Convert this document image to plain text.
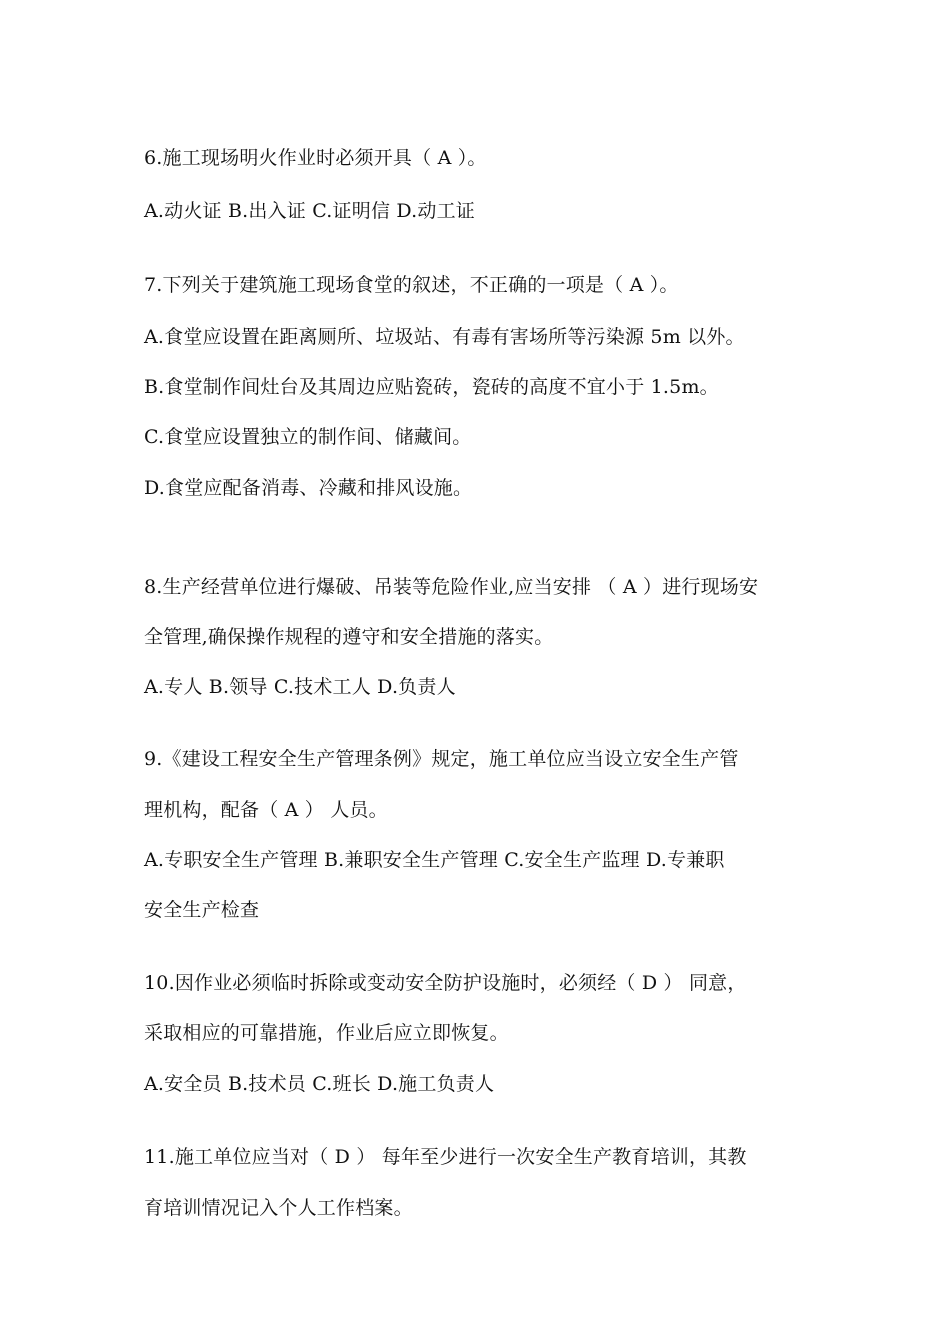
6.施工现场明火作业时必须开具（ A ）。
A.动火证 B.出入证 C.证明信 D.动工证
7.下列关于建筑施工现场食堂的叙述，不正确的一项是（ A ）。
A.食堂应设置在距离厕所、垃圾站、有毒有害场所等污染源 5m 以外。
B.食堂制作间灶台及其周边应贴瓷砖，瓷砖的高度不宜小于 1.5m。
C.食堂应设置独立的制作间、储藏间。
D.食堂应配备消毒、冷藏和排风设施。
8.生产经营单位进行爆破、吊装等危险作业,应当安排 （ A ）进行现场安
全管理,确保操作规程的遵守和安全措施的落实。
A.专人 B.领导 C.技术工人 D.负责人
9.《建设工程安全生产管理条例》规定，施工单位应当设立安全生产管
理机构，配备（ A ） 人员。
A.专职安全生产管理 B.兼职安全生产管理 C.安全生产监理 D.专兼职
安全生产检查
10.因作业必须临时拆除或变动安全防护设施时，必须经（ D ） 同意，
采取相应的可靠措施，作业后应立即恢复。
A.安全员 B.技术员 C.班长 D.施工负责人
11.施工单位应当对（ D ） 每年至少进行一次安全生产教育培训，其教
育培训情况记入个人工作档案。
